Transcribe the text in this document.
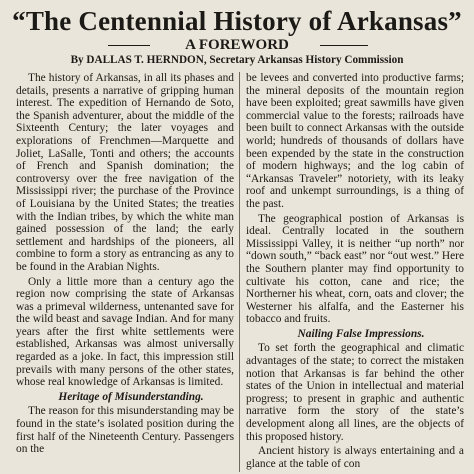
“The Centennial History of Arkansas”
A FOREWORD
By DALLAS T. HERNDON, Secretary Arkansas History Commission

The history of Arkansas, in all its phases and details, presents a narrative of gripping human interest. The expedition of Hernando de Soto, the Spanish adventurer, about the middle of the Sixteenth Century; the later voyages and explorations of Frenchmen—Marquette and Joliet, LaSalle, Tonti and others; the accounts of French and Spanish domination; the controversy over the free navigation of the Mississippi river; the purchase of the Province of Louisiana by the United States; the treaties with the Indian tribes, by which the white man gained possession of the land; the early settlement and hardships of the pioneers, all combine to form a story as entrancing as any to be found in the Arabian Nights.

Only a little more than a century ago the region now comprising the state of Arkansas was a primeval wilderness, untenanted save for the wild beast and savage Indian. And for many years after the first white settlements were established, Arkansas was almost universally regarded as a joke. In fact, this impression still prevails with many persons of the other states, whose real knowledge of Arkansas is limited.

Heritage of Misunderstanding.

The reason for this misunderstanding may be found in the state’s isolated position during the first half of the Nineteenth Century. Passengers on the

be levees and converted into productive farms; the mineral deposits of the mountain region have been exploited; great sawmills have given commercial value to the forests; railroads have been built to connect Arkansas with the outside world; hundreds of thousands of dollars have been expended by the state in the construction of modern highways; and the log cabin of “Arkansas Traveler” notoriety, with its leaky roof and unkempt surroundings, is a thing of the past.

The geographical postion of Arkansas is ideal. Centrally located in the southern Mississippi Valley, it is neither “up north” nor “down south,” “back east” nor “out west.” Here the Southern planter may find opportunity to cultivate his cotton, cane and rice; the Northerner his wheat, corn, oats and clover; the Westerner his alfalfa, and the Easterner his tobacco and fruits.

Nailing False Impressions.

To set forth the geographical and climatic advantages of the state; to correct the mistaken notion that Arkansas is far behind the other states of the Union in intellectual and material progress; to present in graphic and authentic narrative form the story of the state’s development along all lines, are the objects of this proposed history.

Ancient history is always entertaining and a glance at the table of con
